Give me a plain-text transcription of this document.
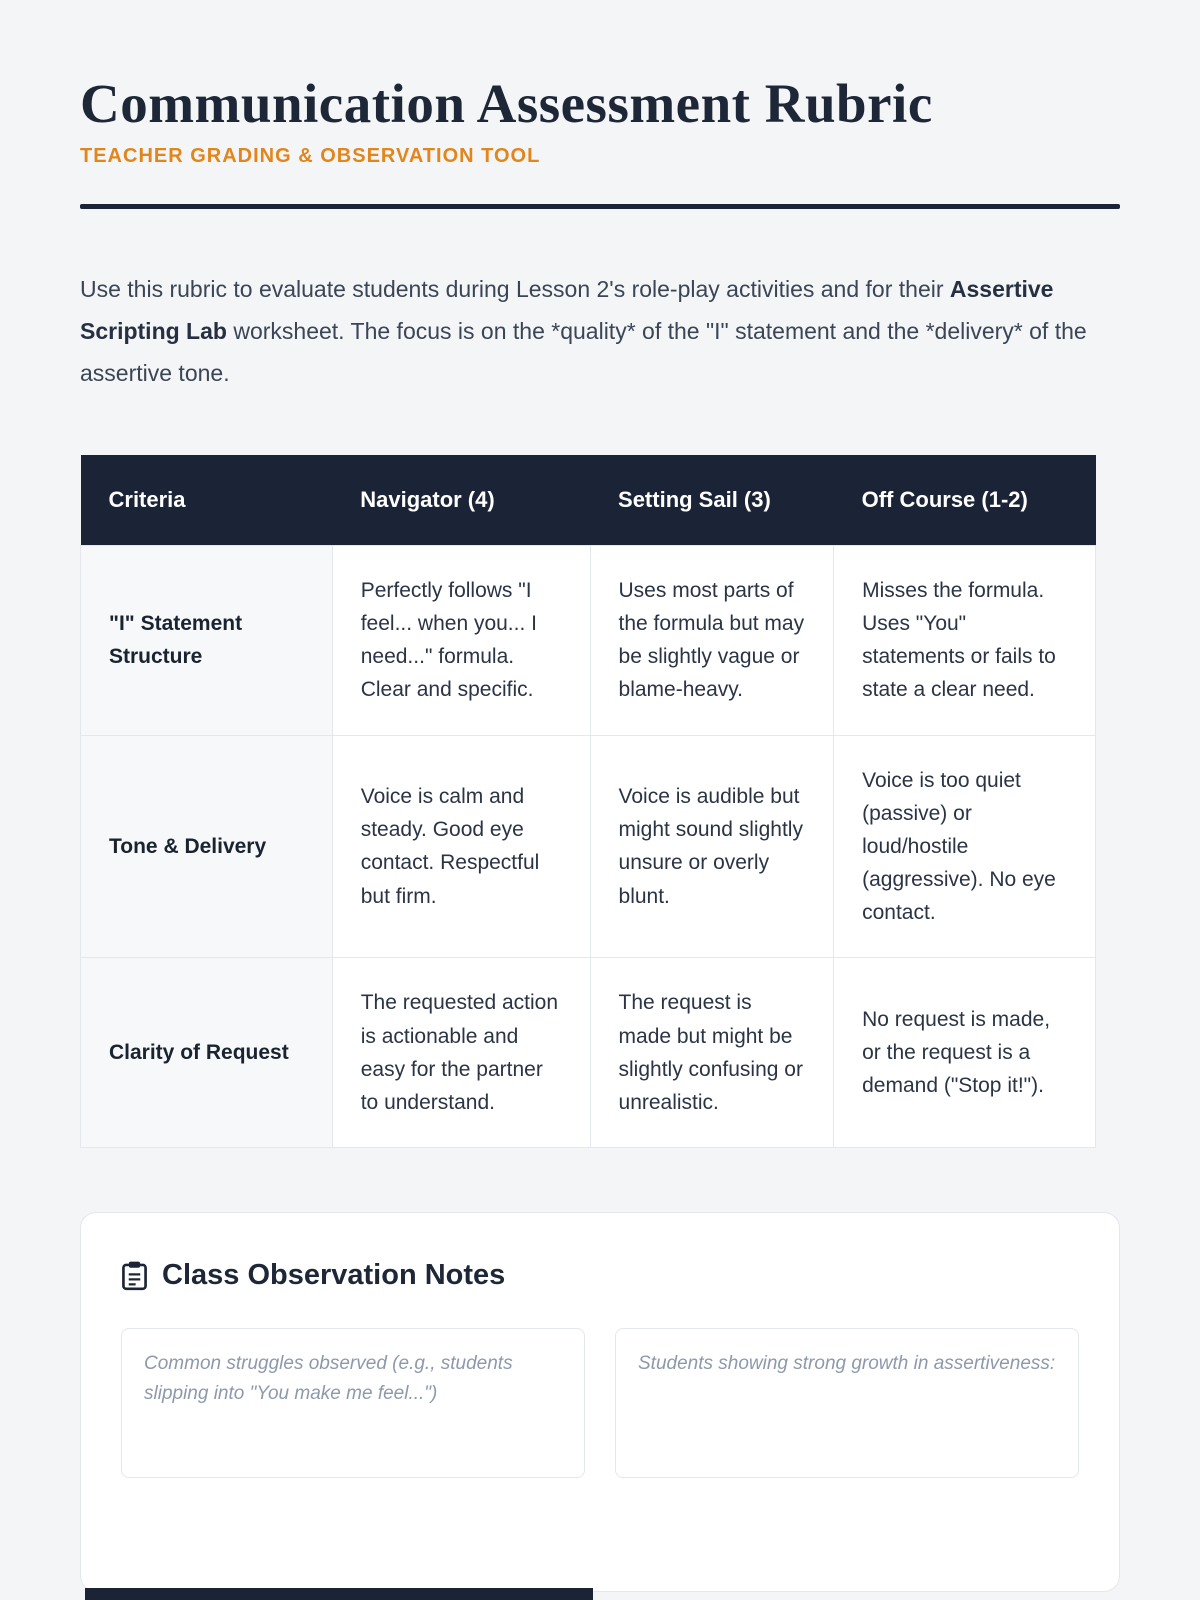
Communication Assessment Rubric
TEACHER GRADING & OBSERVATION TOOL

Use this rubric to evaluate students during Lesson 2's role-play activities and for their Assertive Scripting Lab worksheet. The focus is on the *quality* of the "I" statement and the *delivery* of the assertive tone.

Criteria	Navigator (4)	Setting Sail (3)	Off Course (1-2)
"I" Statement Structure	Perfectly follows "I feel... when you... I need..." formula. Clear and specific.	Uses most parts of the formula but may be slightly vague or blame-heavy.	Misses the formula. Uses "You" statements or fails to state a clear need.
Tone & Delivery	Voice is calm and steady. Good eye contact. Respectful but firm.	Voice is audible but might sound slightly unsure or overly blunt.	Voice is too quiet (passive) or loud/hostile (aggressive). No eye contact.
Clarity of Request	The requested action is actionable and easy for the partner to understand.	The request is made but might be slightly confusing or unrealistic.	No request is made, or the request is a demand ("Stop it!").
Class Observation Notes
Common struggles observed (e.g., students slipping into "You make me feel...")
Students showing strong growth in assertiveness:
